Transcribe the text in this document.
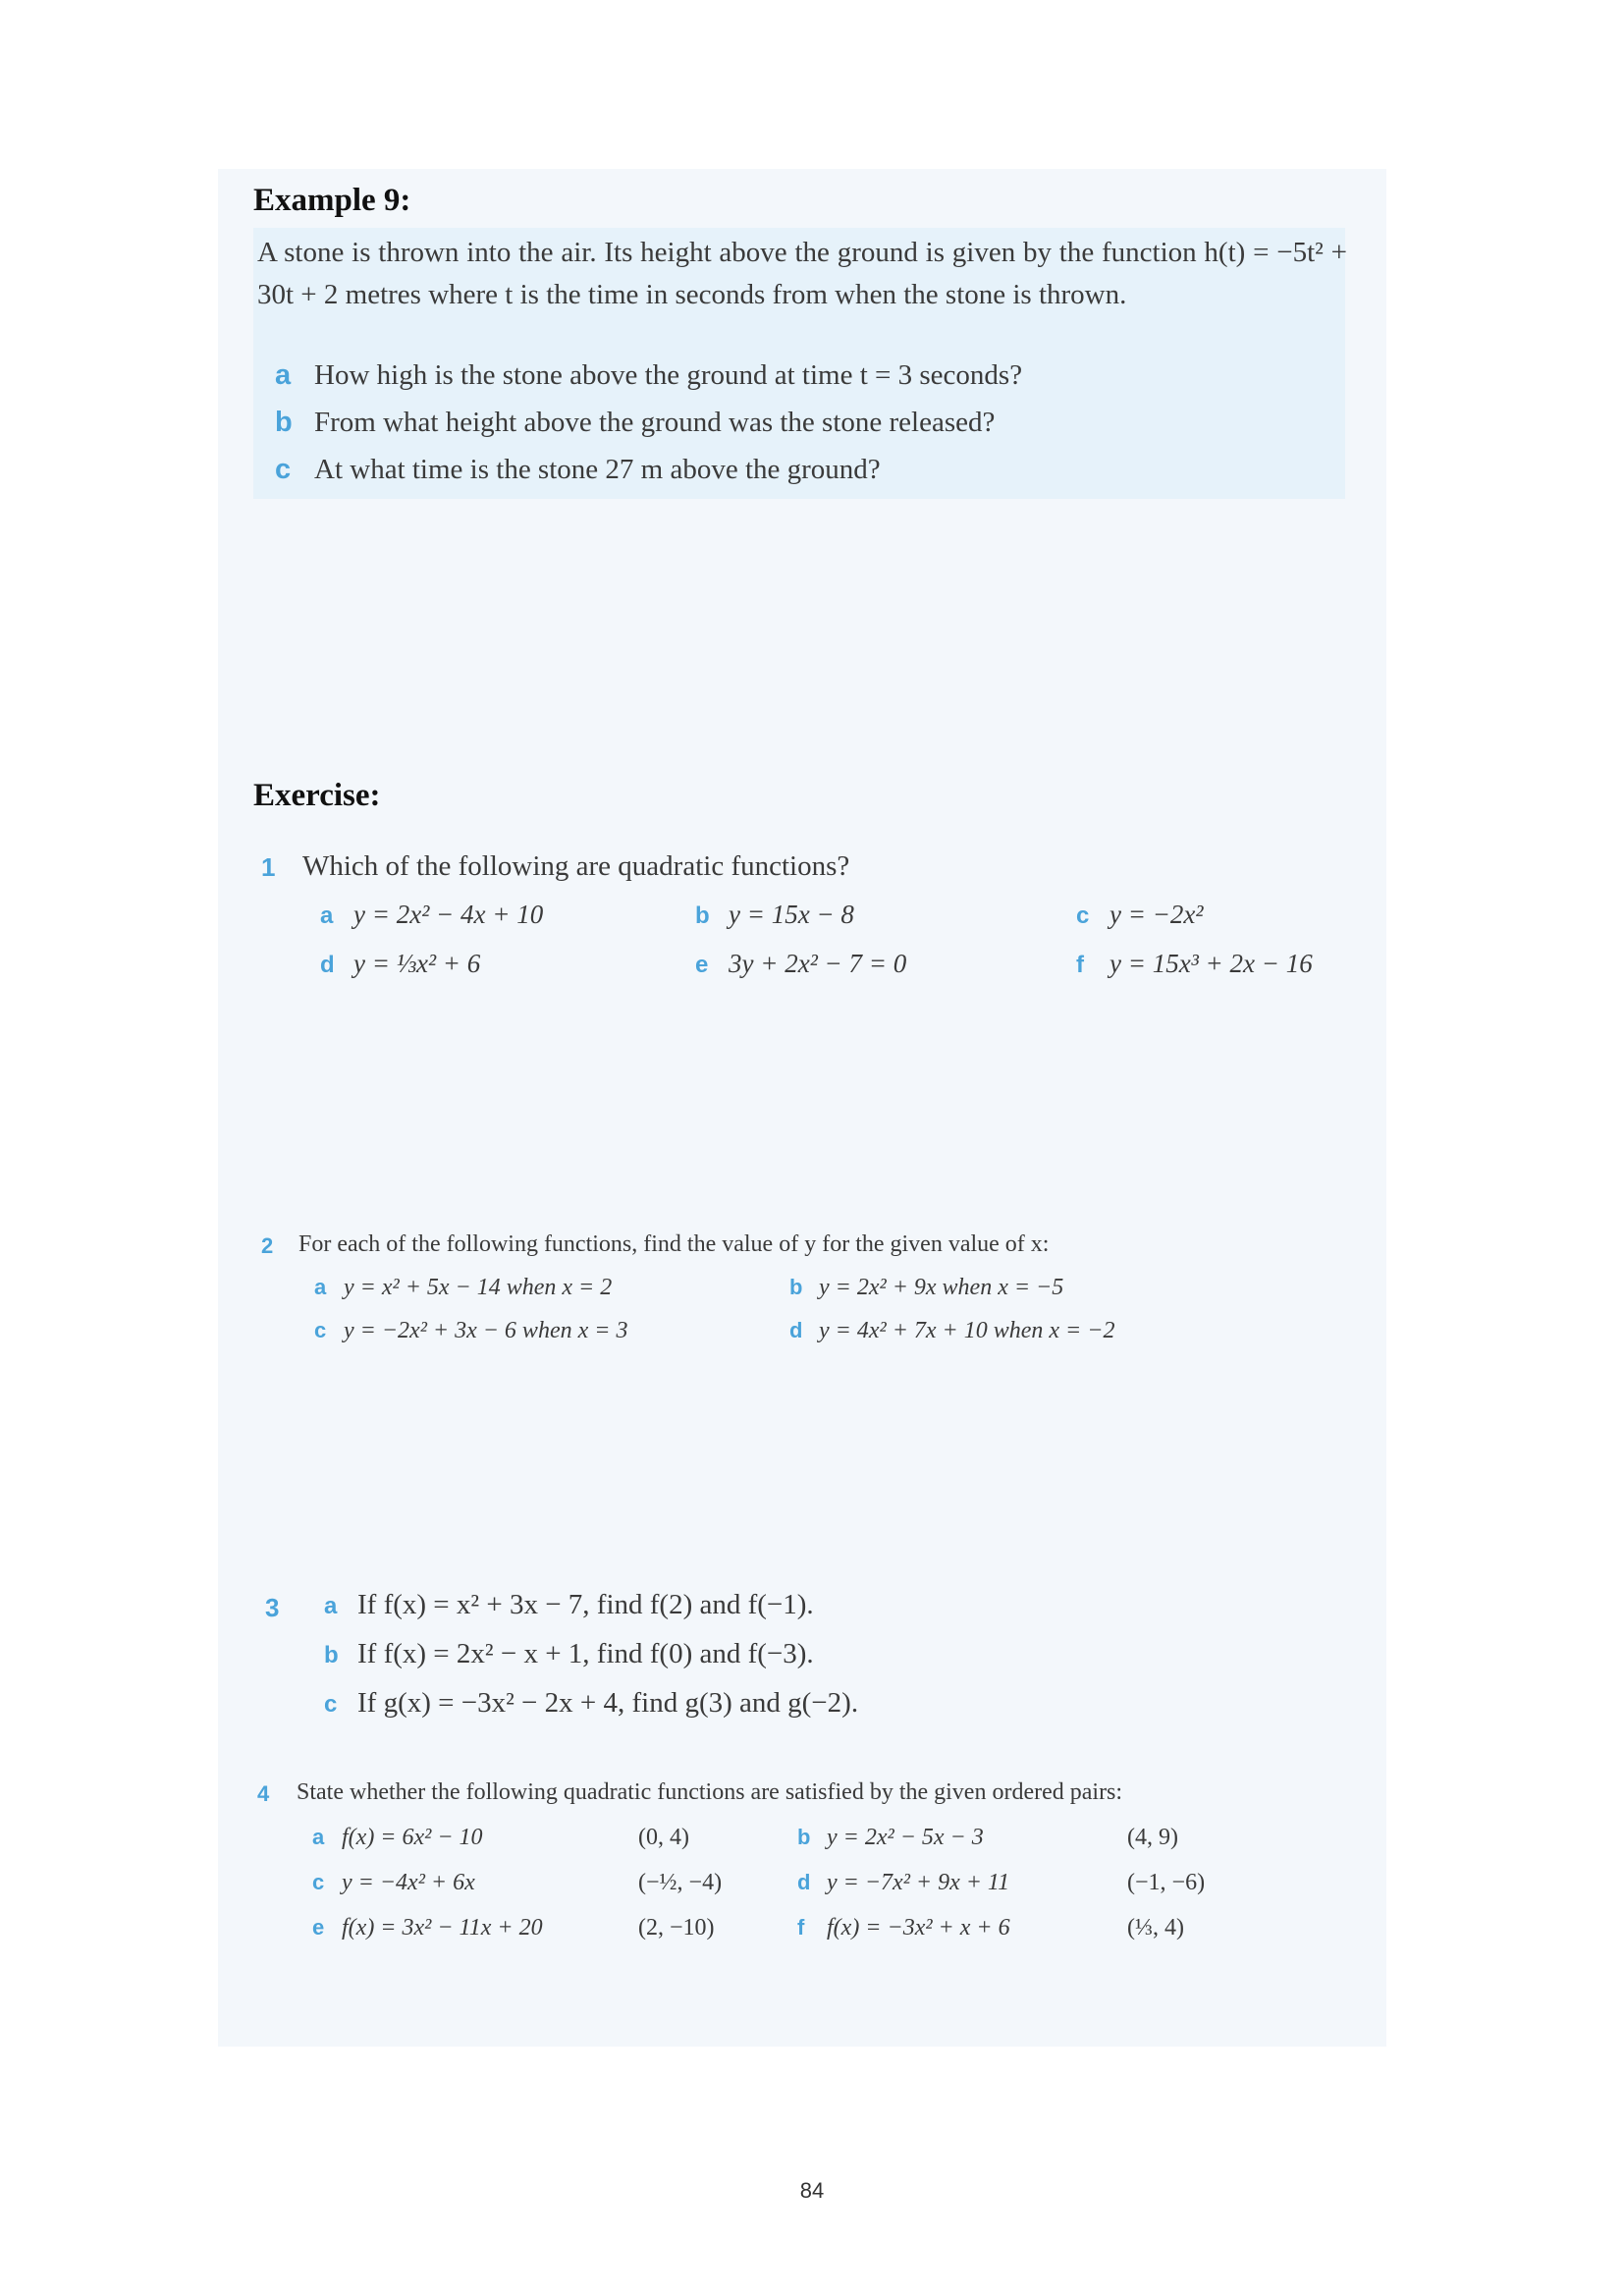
Example 9:
A stone is thrown into the air. Its height above the ground is given by the function h(t) = −5t² + 30t + 2 metres where t is the time in seconds from when the stone is thrown.
a How high is the stone above the ground at time t = 3 seconds?
b From what height above the ground was the stone released?
c At what time is the stone 27 m above the ground?
Exercise:
1 Which of the following are quadratic functions?
a y = 2x² − 4x + 10	b y = 15x − 8	c y = −2x²
d y = ⅓x² + 6	e 3y + 2x² − 7 = 0	f y = 15x³ + 2x − 16
2 For each of the following functions, find the value of y for the given value of x:
a y = x² + 5x − 14 when x = 2	b y = 2x² + 9x when x = −5
c y = −2x² + 3x − 6 when x = 3	d y = 4x² + 7x + 10 when x = −2
3 a If f(x) = x² + 3x − 7, find f(2) and f(−1).
b If f(x) = 2x² − x + 1, find f(0) and f(−3).
c If g(x) = −3x² − 2x + 4, find g(3) and g(−2).
4 State whether the following quadratic functions are satisfied by the given ordered pairs:
a f(x) = 6x² − 10	(0, 4)	b y = 2x² − 5x − 3	(4, 9)
c y = −4x² + 6x	(−½, −4)	d y = −7x² + 9x + 11	(−1, −6)
e f(x) = 3x² − 11x + 20	(2, −10)	f f(x) = −3x² + x + 6	(⅓, 4)
84
